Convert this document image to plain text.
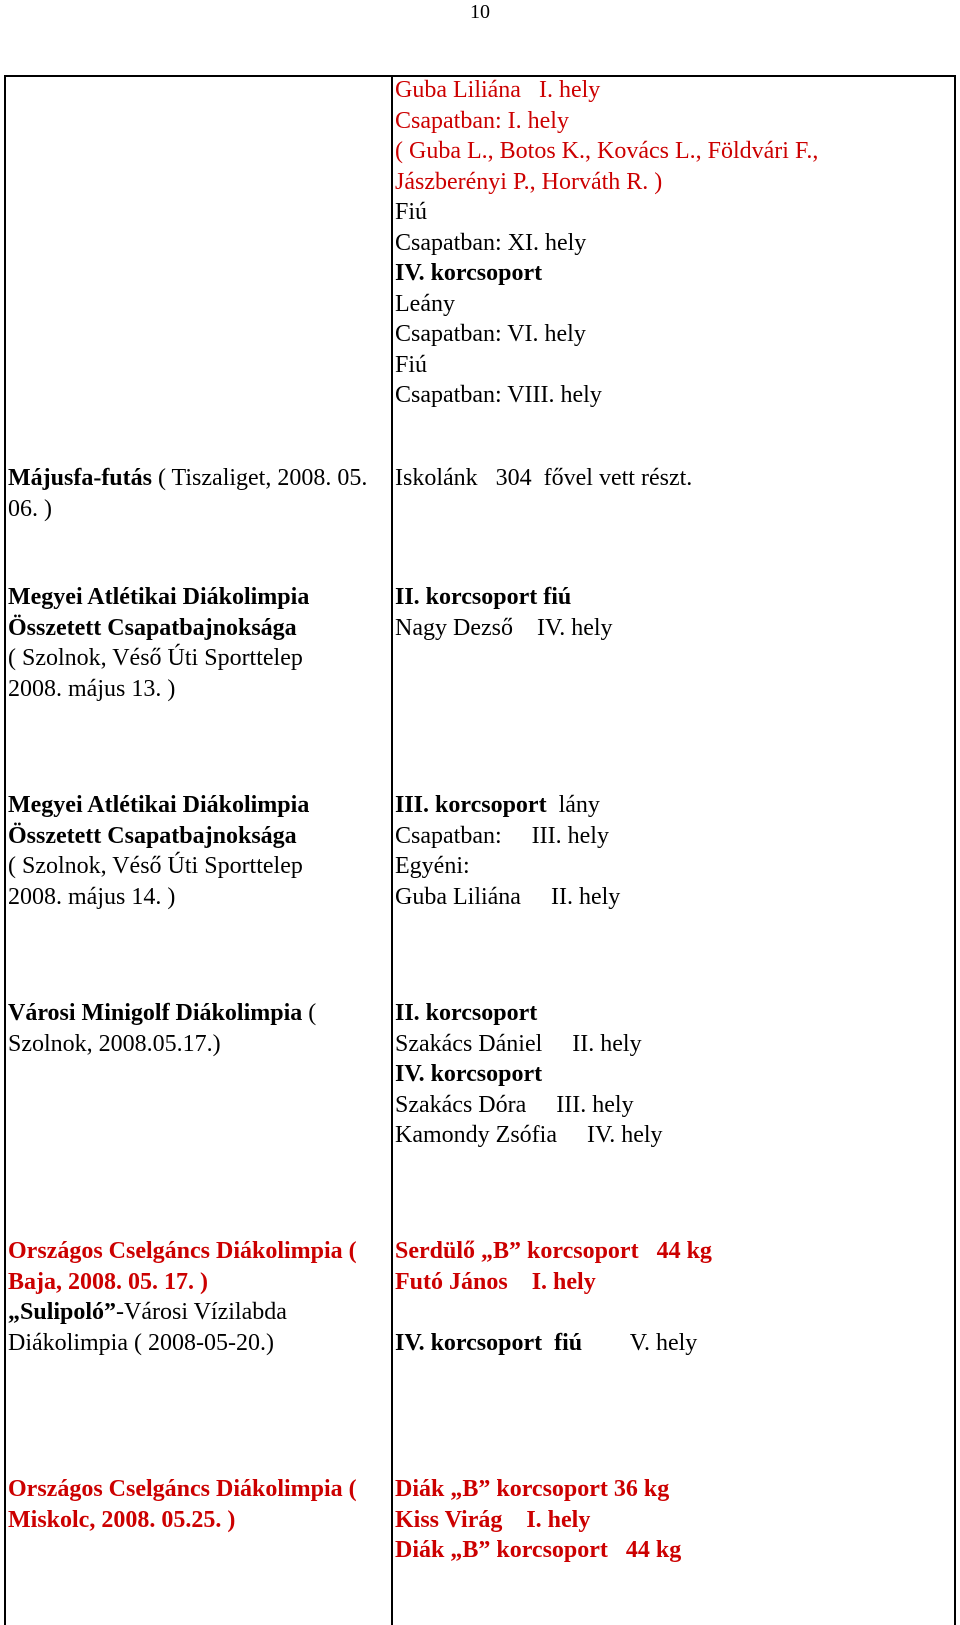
10
Guba Liliána   I. hely
Csapatban: I. hely
( Guba L., Botos K., Kovács L., Földvári F.,
Jászberényi P., Horváth R. )
Fiú
Csapatban: XI. hely
IV. korcsoport
Leány
Csapatban: VI. hely
Fiú
Csapatban: VIII. hely
Májusfa-futás ( Tiszaliget, 2008. 05. 06. )
Iskolánk   304  fővel vett részt.
Megyei Atlétikai Diákolimpia
Összetett Csapatbajnoksága
( Szolnok, Véső Úti Sporttelep
2008. május 13. )
II. korcsoport fiú
Nagy Dezső    IV. hely
Megyei Atlétikai Diákolimpia
Összetett Csapatbajnoksága
( Szolnok, Véső Úti Sporttelep
2008. május 14. )
III. korcsoport  lány
Csapatban:     III. hely
Egyéni:
Guba Liliána     II. hely
Városi Minigolf Diákolimpia ( Szolnok, 2008.05.17.)
II. korcsoport
Szakács Dániel     II. hely
IV. korcsoport
Szakács Dóra     III. hely
Kamondy Zsófia     IV. hely
Országos Cselgáncs Diákolimpia ( Baja, 2008. 05. 17. )
„Sulipoló”-Városi Vízilabda Diákolimpia ( 2008-05-20.)
Serdülő „B” korcsoport   44 kg
Futó János    I. hely

IV. korcsoport  fiú        V. hely
Országos Cselgáncs Diákolimpia ( Miskolc, 2008. 05.25. )
Diák „B” korcsoport 36 kg
Kiss Virág    I. hely
Diák „B” korcsoport   44 kg
